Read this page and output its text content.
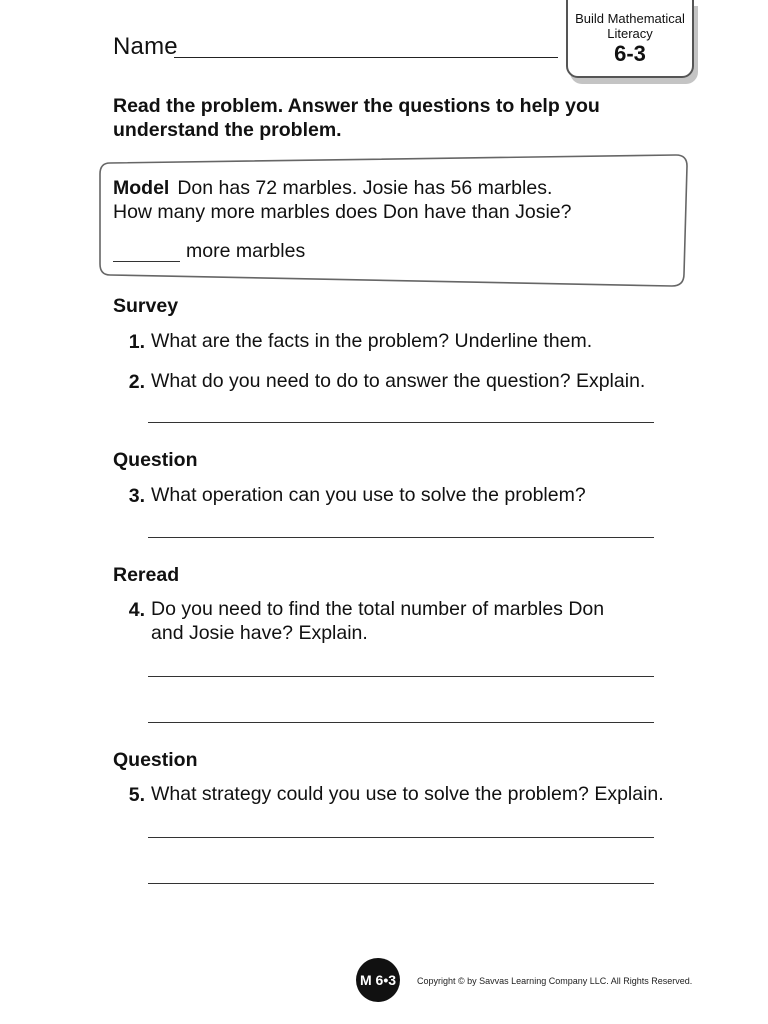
Name
Build Mathematical
Literacy
6-3
Read the problem. Answer the questions to help you understand the problem.
Model Don has 72 marbles. Josie has 56 marbles.
How many more marbles does Don have than Josie?
more marbles
Survey
1. What are the facts in the problem? Underline them.
2. What do you need to do to answer the question? Explain.
Question
3. What operation can you use to solve the problem?
Reread
4. Do you need to find the total number of marbles Don
and Josie have? Explain.
Question
5. What strategy could you use to solve the problem? Explain.
M 6•3	Copyright © by Savvas Learning Company LLC. All Rights Reserved.
